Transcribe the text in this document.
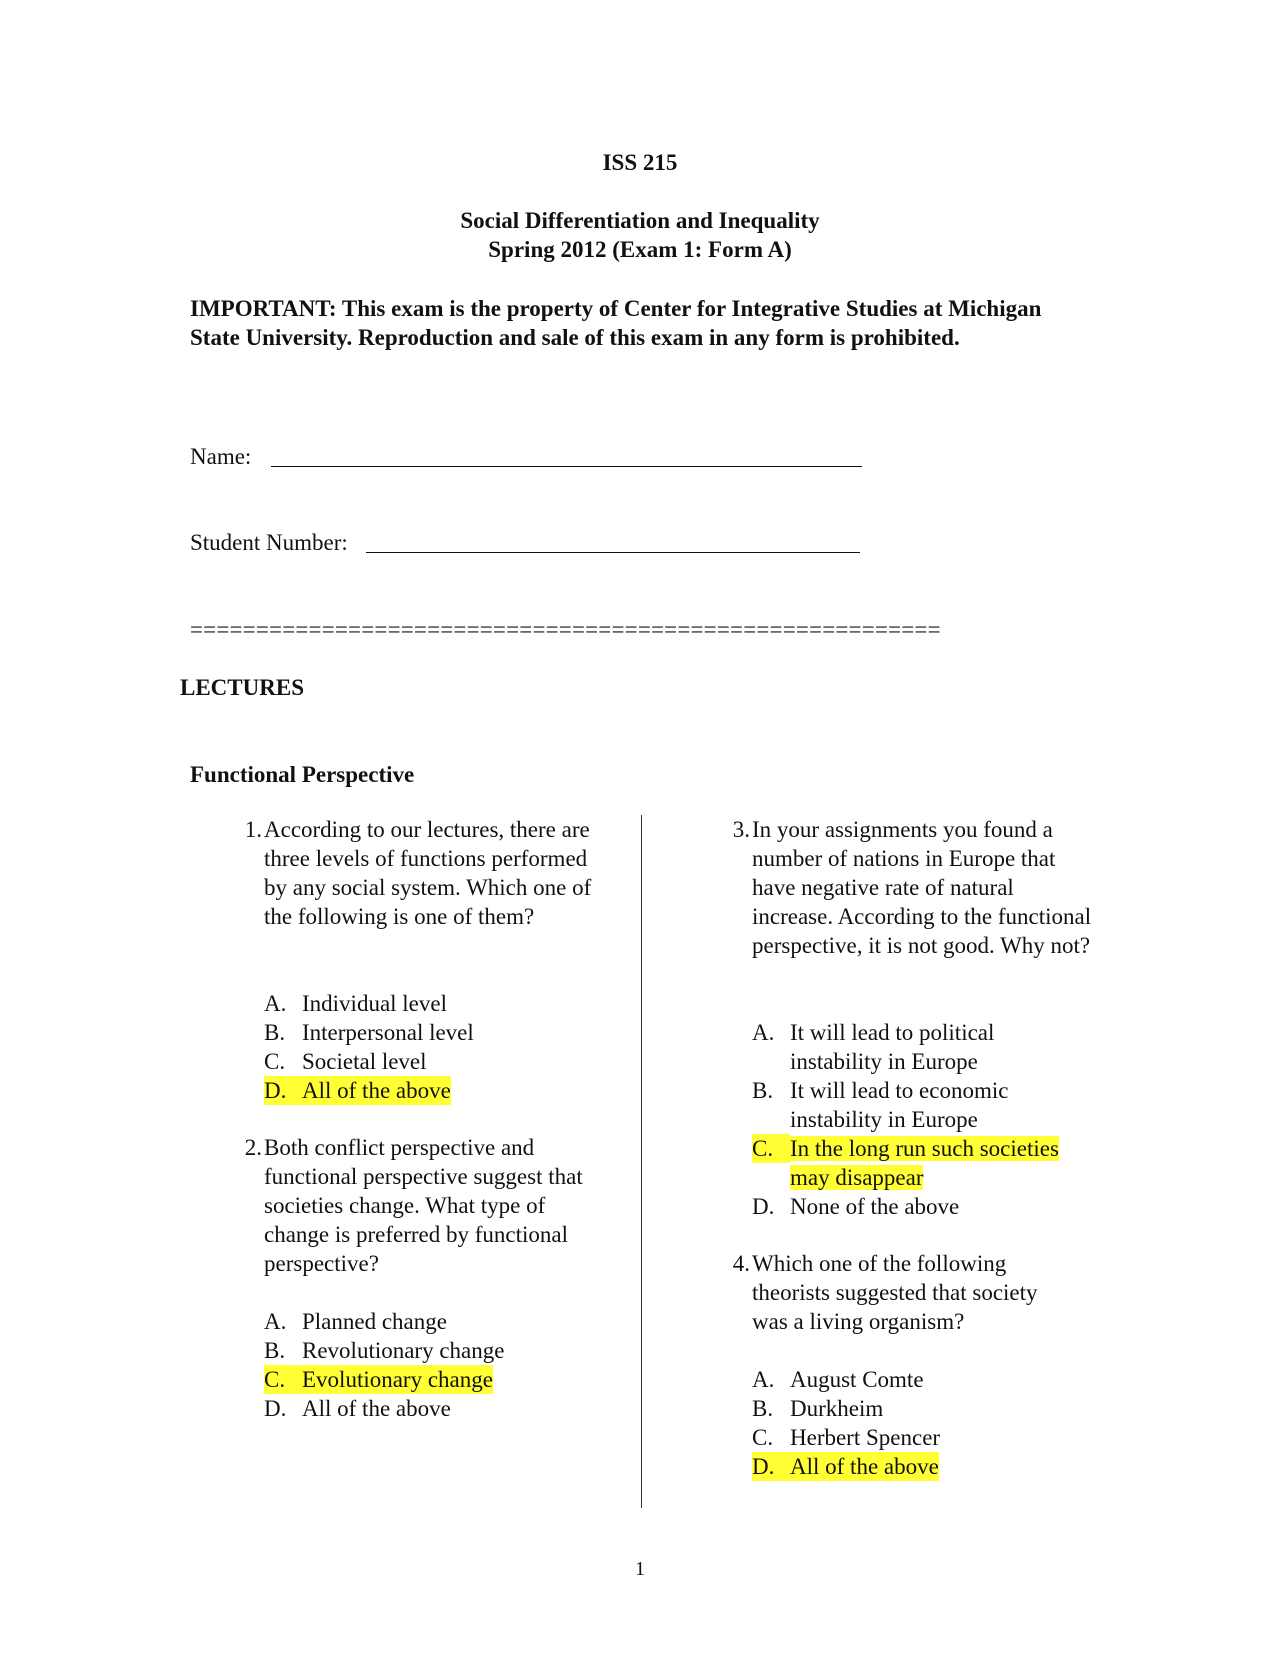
ISS 215
Social Differentiation and Inequality
Spring 2012 (Exam 1: Form A)
IMPORTANT: This exam is the property of Center for Integrative Studies at Michigan State University. Reproduction and sale of this exam in any form is prohibited.
Name:
Student Number:
=========================================================
LECTURES
Functional Perspective
1. According to our lectures, there are three levels of functions performed by any social system. Which one of the following is one of them?
A. Individual level
B. Interpersonal level
C. Societal level
D. All of the above
2. Both conflict perspective and functional perspective suggest that societies change. What type of change is preferred by functional perspective?
A. Planned change
B. Revolutionary change
C. Evolutionary change
D. All of the above
3. In your assignments you found a number of nations in Europe that have negative rate of natural increase. According to the functional perspective, it is not good. Why not?
A. It will lead to political instability in Europe
B. It will lead to economic instability in Europe
C. In the long run such societies may disappear
D. None of the above
4. Which one of the following theorists suggested that society was a living organism?
A. August Comte
B. Durkheim
C. Herbert Spencer
D. All of the above
1
